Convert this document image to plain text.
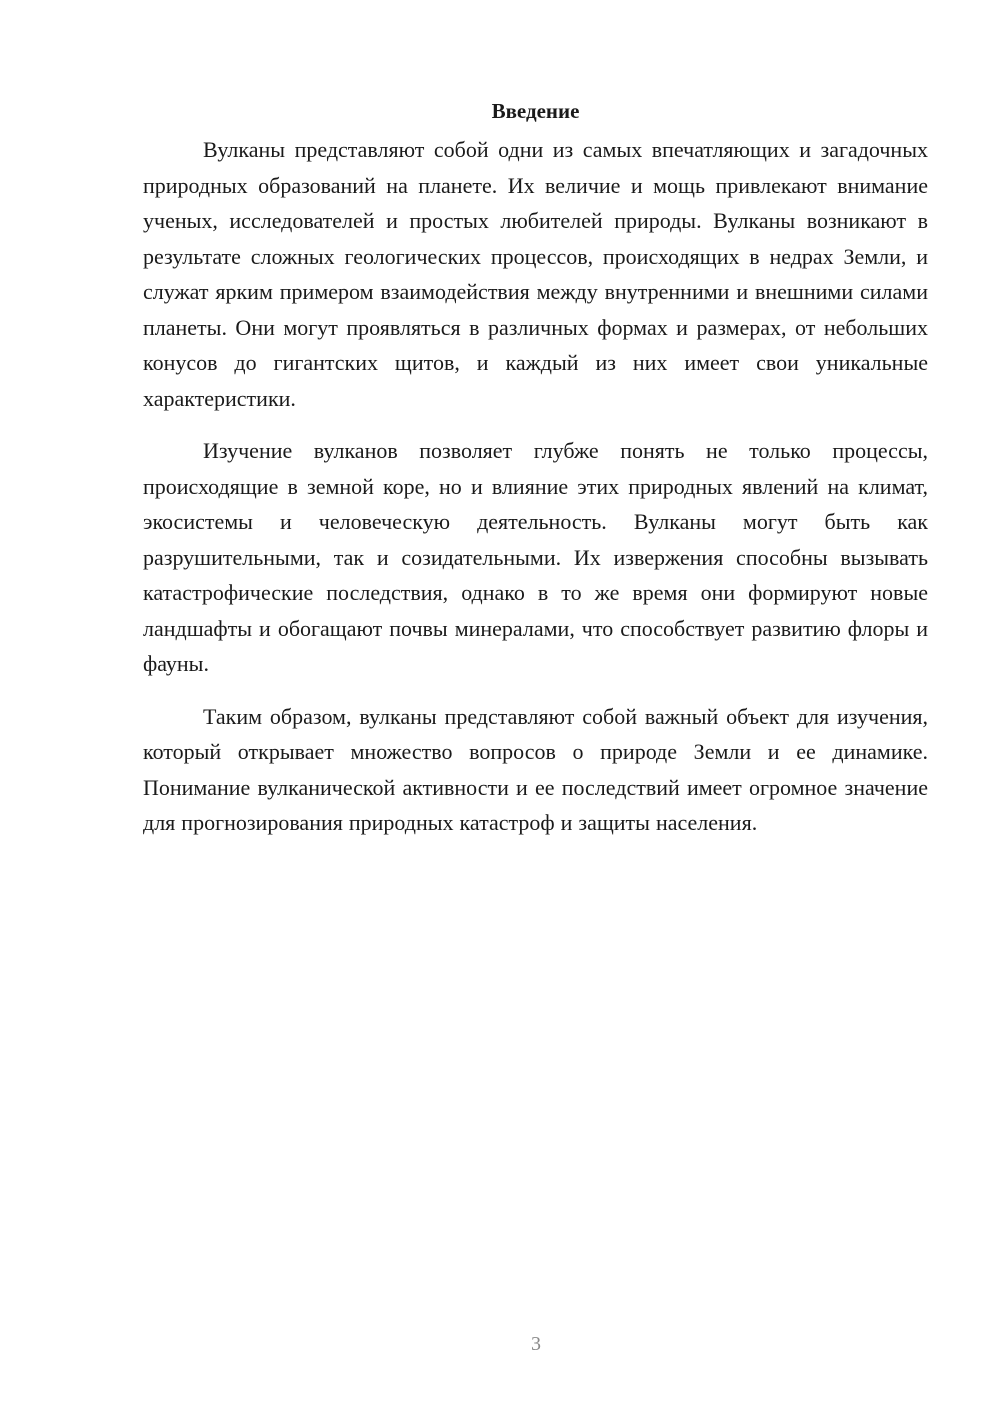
Введение

Вулканы представляют собой одни из самых впечатляющих и загадочных природных образований на планете. Их величие и мощь привлекают внимание ученых, исследователей и простых любителей природы. Вулканы возникают в результате сложных геологических процессов, происходящих в недрах Земли, и служат ярким примером взаимодействия между внутренними и внешними силами планеты. Они могут проявляться в различных формах и размерах, от небольших конусов до гигантских щитов, и каждый из них имеет свои уникальные характеристики.

Изучение вулканов позволяет глубже понять не только процессы, происходящие в земной коре, но и влияние этих природных явлений на климат, экосистемы и человеческую деятельность. Вулканы могут быть как разрушительными, так и созидательными. Их извержения способны вызывать катастрофические последствия, однако в то же время они формируют новые ландшафты и обогащают почвы минералами, что способствует развитию флоры и фауны.

Таким образом, вулканы представляют собой важный объект для изучения, который открывает множество вопросов о природе Земли и ее динамике. Понимание вулканической активности и ее последствий имеет огромное значение для прогнозирования природных катастроф и защиты населения.

3
